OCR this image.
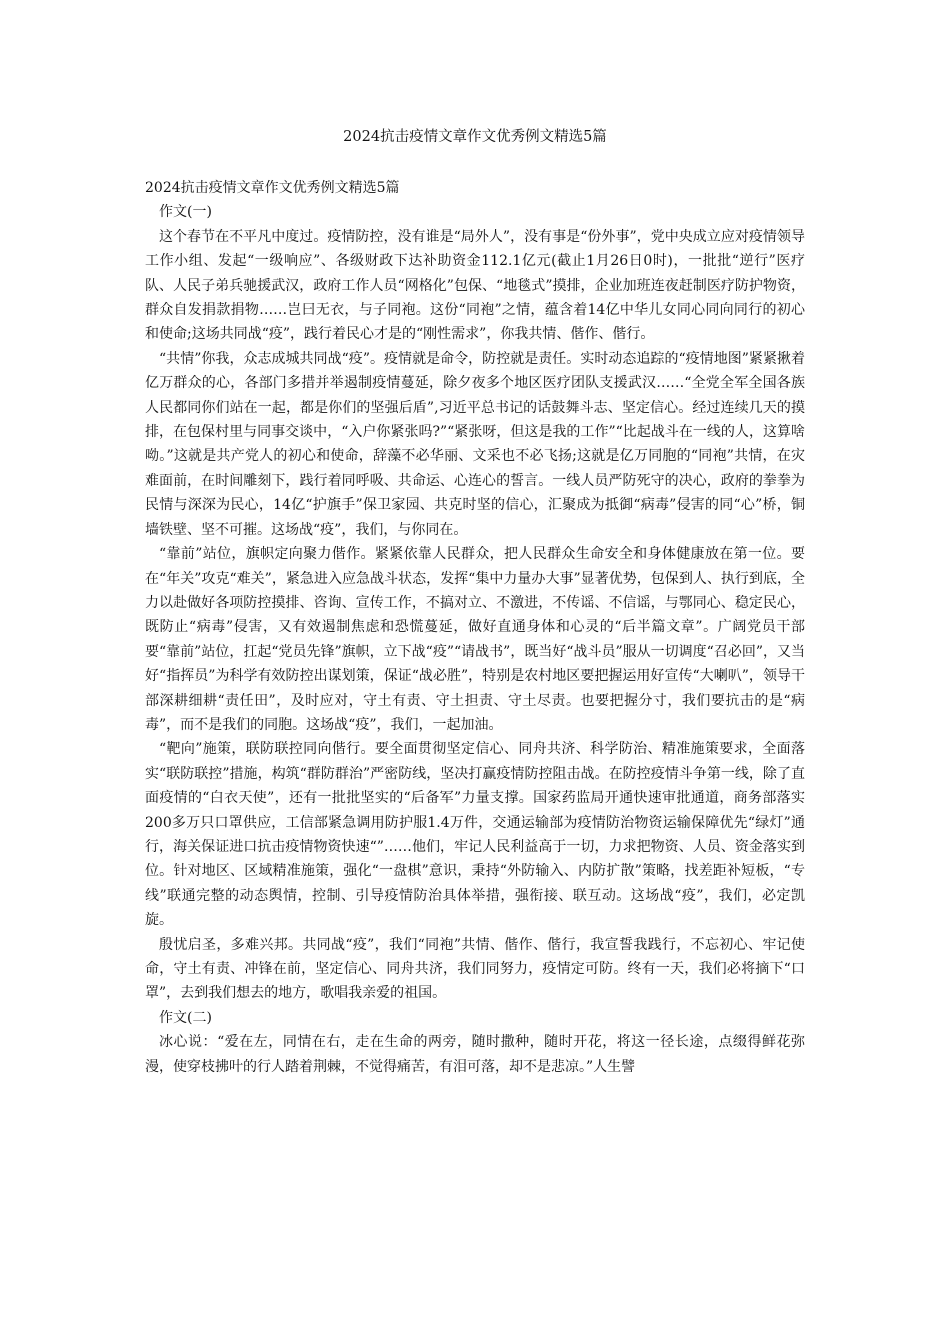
2024抗击疫情文章作文优秀例文精选5篇

2024抗击疫情文章作文优秀例文精选5篇

作文(一)

这个春节在不平凡中度过。疫情防控，没有谁是“局外人”，没有事是“份外事”，党中央成立应对疫情领导工作小组、发起“一级响应”、各级财政下达补助资金112.1亿元(截止1月26日0时)，一批批“逆行”医疗队、人民子弟兵驰援武汉，政府工作人员“网格化”包保、“地毯式”摸排，企业加班连夜赶制医疗防护物资，群众自发捐款捐物……岂曰无衣，与子同袍。这份“同袍”之情，蕴含着14亿中华儿女同心同向同行的初心和使命;这场共同战“疫”，践行着民心才是的“刚性需求”，你我共情、偕作、偕行。

“共情”你我，众志成城共同战“疫”。疫情就是命令，防控就是责任。实时动态追踪的“疫情地图”紧紧揪着亿万群众的心，各部门多措并举遏制疫情蔓延，除夕夜多个地区医疗团队支援武汉……“全党全军全国各族人民都同你们站在一起，都是你们的坚强后盾”,习近平总书记的话鼓舞斗志、坚定信心。经过连续几天的摸排，在包保村里与同事交谈中，“入户你紧张吗?”“紧张呀，但这是我的工作”“比起战斗在一线的人，这算啥呦。”这就是共产党人的初心和使命，辞藻不必华丽、文采也不必飞扬;这就是亿万同胞的“同袍”共情，在灾难面前，在时间雕刻下，践行着同呼吸、共命运、心连心的誓言。一线人员严防死守的决心，政府的拳拳为民情与深深为民心，14亿“护旗手”保卫家园、共克时坚的信心，汇聚成为抵御“病毒”侵害的同“心”桥，铜墙铁壁、坚不可摧。这场战“疫”，我们，与你同在。

“靠前”站位，旗帜定向聚力偕作。紧紧依靠人民群众，把人民群众生命安全和身体健康放在第一位。要在“年关”攻克“难关”，紧急进入应急战斗状态，发挥“集中力量办大事”显著优势，包保到人、执行到底，全力以赴做好各项防控摸排、咨询、宣传工作，不搞对立、不激进，不传谣、不信谣，与鄂同心、稳定民心，既防止“病毒”侵害，又有效遏制焦虑和恐慌蔓延，做好直通身体和心灵的“后半篇文章”。广阔党员干部要“靠前”站位，扛起“党员先锋”旗帜，立下战“疫”“请战书”，既当好“战斗员”服从一切调度“召必回”，又当好“指挥员”为科学有效防控出谋划策，保证“战必胜”，特别是农村地区要把握运用好宣传“大喇叭”，领导干部深耕细耕“责任田”，及时应对，守土有责、守土担责、守土尽责。也要把握分寸，我们要抗击的是“病毒”，而不是我们的同胞。这场战“疫”，我们，一起加油。

“靶向”施策，联防联控同向偕行。要全面贯彻坚定信心、同舟共济、科学防治、精准施策要求，全面落实“联防联控”措施，构筑“群防群治”严密防线，坚决打赢疫情防控阻击战。在防控疫情斗争第一线，除了直面疫情的“白衣天使”，还有一批批坚实的“后备军”力量支撑。国家药监局开通快速审批通道，商务部落实200多万只口罩供应，工信部紧急调用防护服1.4万件，交通运输部为疫情防治物资运输保障优先“绿灯”通行，海关保证进口抗击疫情物资快速“”……他们，牢记人民利益高于一切，力求把物资、人员、资金落实到位。针对地区、区域精准施策，强化“一盘棋”意识，秉持“外防输入、内防扩散”策略，找差距补短板，“专线”联通完整的动态舆情，控制、引导疫情防治具体举措，强衔接、联互动。这场战“疫”，我们，必定凯旋。

殷忧启圣，多难兴邦。共同战“疫”，我们“同袍”共情、偕作、偕行，我宣誓我践行，不忘初心、牢记使命，守土有责、冲锋在前，坚定信心、同舟共济，我们同努力，疫情定可防。终有一天，我们必将摘下“口罩”，去到我们想去的地方，歌唱我亲爱的祖国。

作文(二)

冰心说：“爱在左，同情在右，走在生命的两旁，随时撒种，随时开花，将这一径长途，点缀得鲜花弥漫，使穿枝拂叶的行人踏着荆棘，不觉得痛苦，有泪可落，却不是悲凉。”人生譬
